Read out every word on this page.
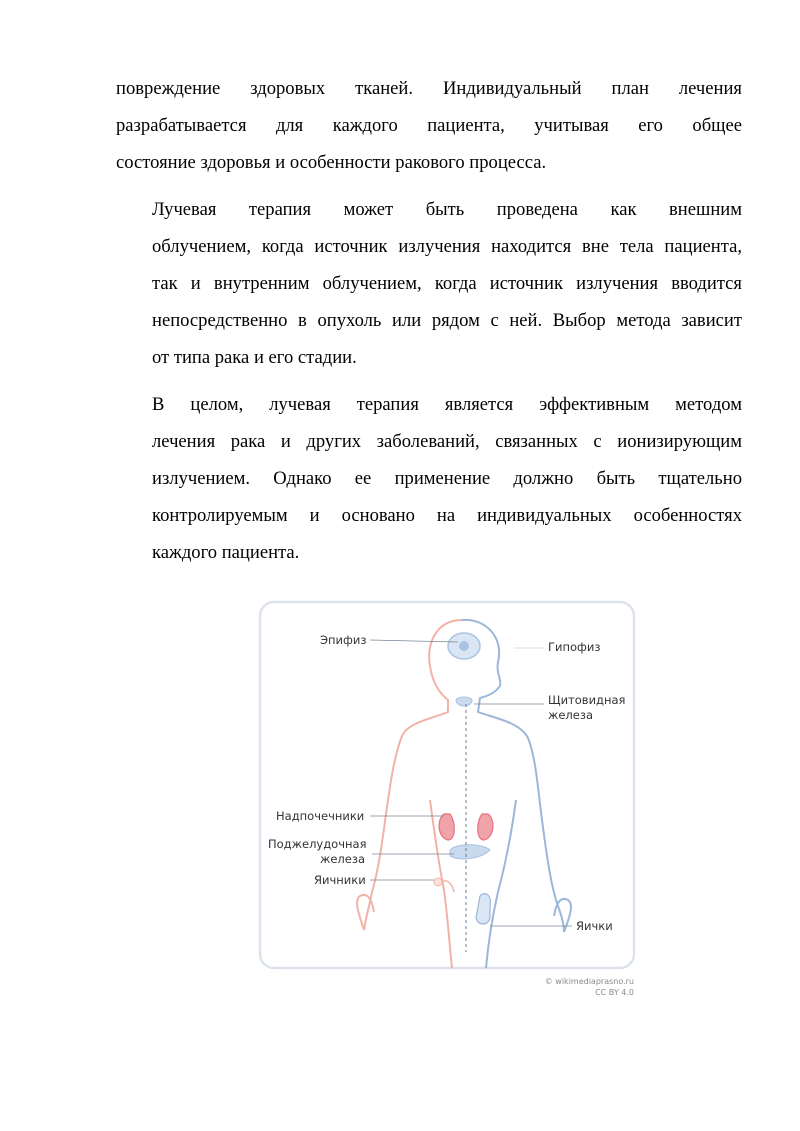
повреждение здоровых тканей. Индивидуальный план лечения
разрабатывается для каждого пациента, учитывая его общее
состояние здоровья и особенности ракового процесса.

Лучевая терапия может быть проведена как внешним
облучением, когда источник излучения находится вне тела пациента,
так и внутренним облучением, когда источник излучения вводится
непосредственно в опухоль или рядом с ней. Выбор метода зависит
от типа рака и его стадии.

В целом, лучевая терапия является эффективным методом
лечения рака и других заболеваний, связанных с ионизирующим
излучением. Однако ее применение должно быть тщательно
контролируемым и основано на индивидуальных особенностях
каждого пациента.

Эпифиз	Гипофиз
Щитовидная
железа
Надпочечники
Поджелудочная
железа
Яичники
Яички
© wikimediaprasno.ru
CC BY 4.0
